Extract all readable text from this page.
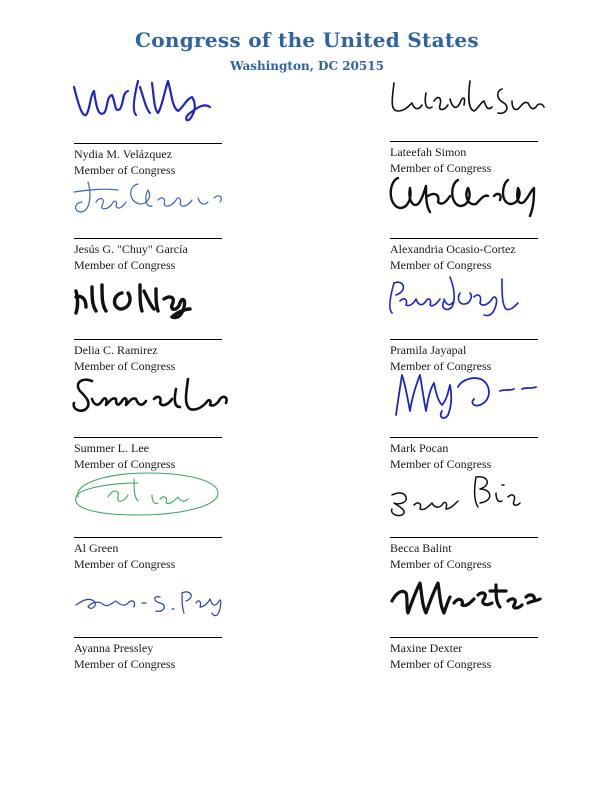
Congress of the United States
Washington, DC 20515
Nydia M. Velázquez
Member of Congress
Lateefah Simon
Member of Congress
Jesús G. "Chuy" García
Member of Congress
Alexandria Ocasio-Cortez
Member of Congress
Delia C. Ramirez
Member of Congress
Pramila Jayapal
Member of Congress
Summer L. Lee
Member of Congress
Mark Pocan
Member of Congress
Al Green
Member of Congress
Becca Balint
Member of Congress
Ayanna Pressley
Member of Congress
Maxine Dexter
Member of Congress
